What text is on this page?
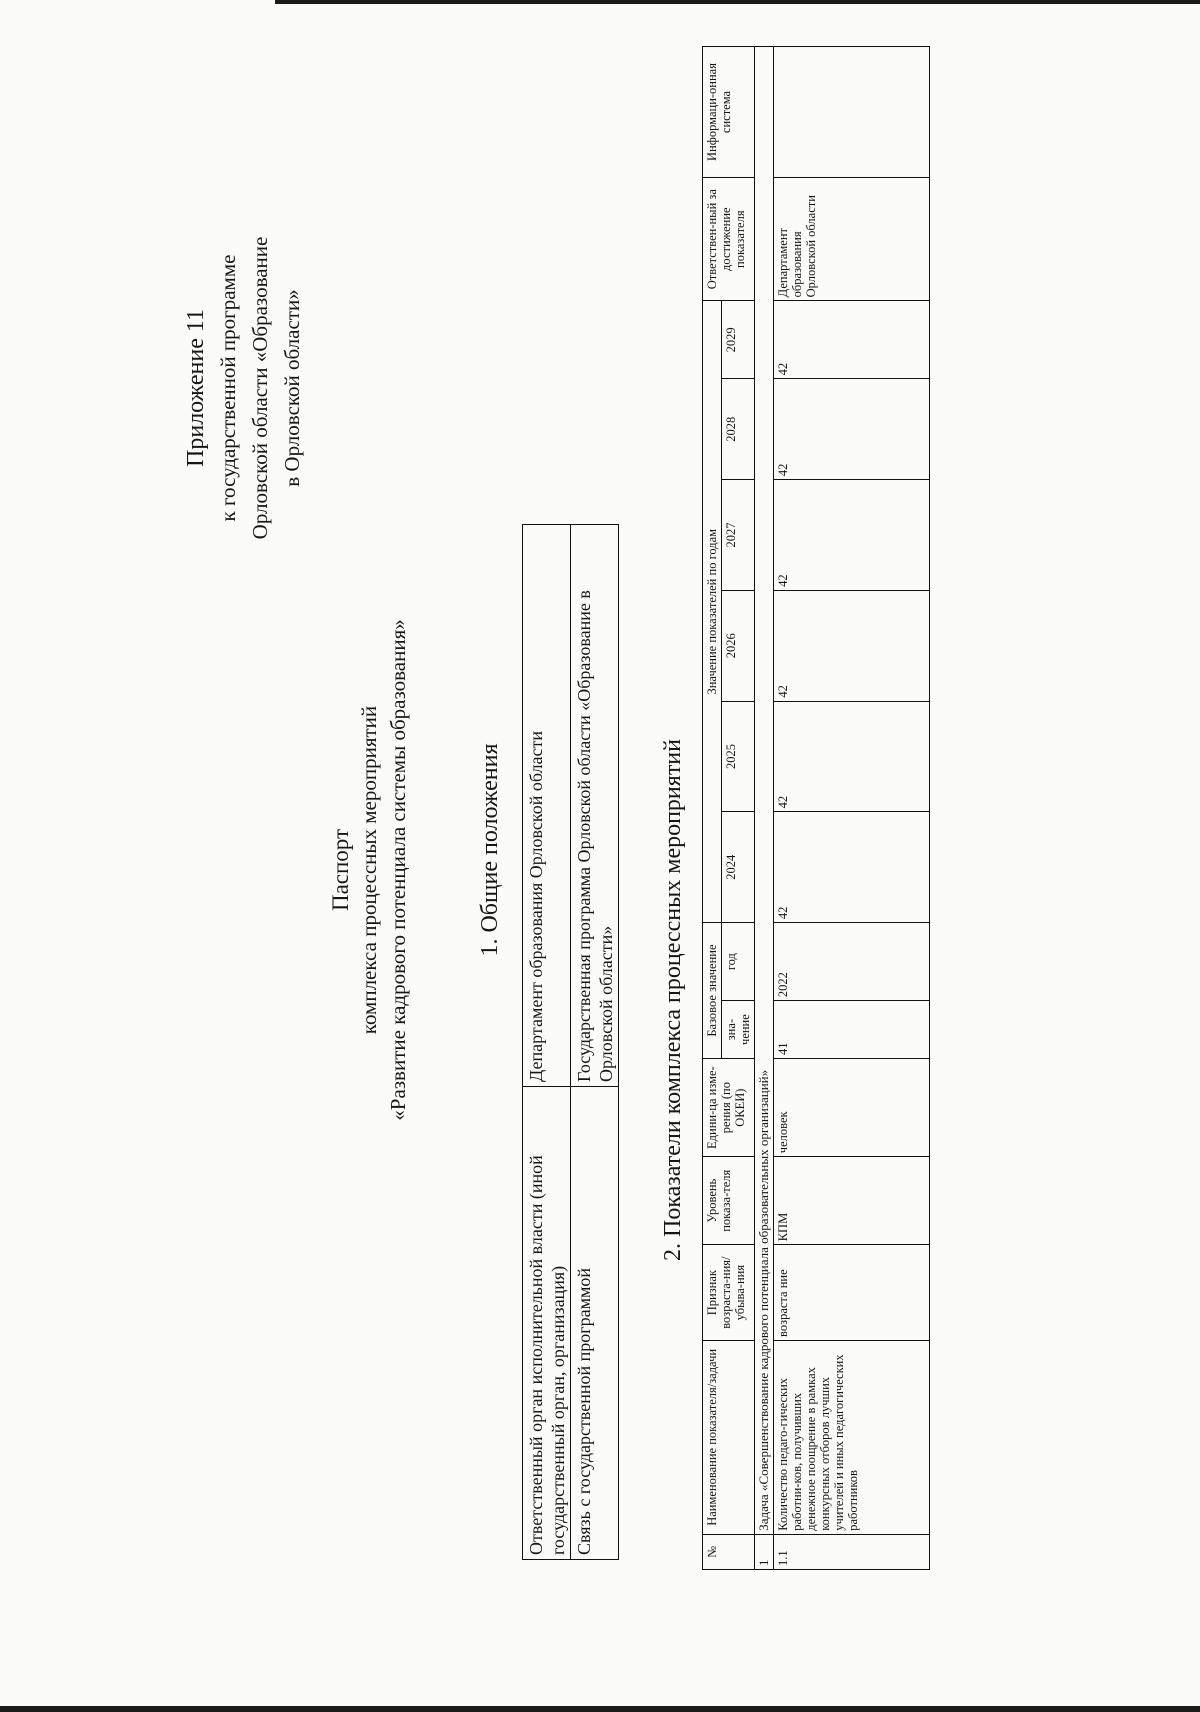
Приложение 11 к государственной программе Орловской области «Образование в Орловской области»
Паспорт комплекса процессных мероприятий «Развитие кадрового потенциала системы образования»	1. Общие положения
Ответственный орган исполнительной власти (иной государственный орган, организация)	Департамент образования Орловской области
Связь с государственной программой	Государственная программа Орловской области «Образование в Орловской области» 2. Показатели комплекса процессных мероприятий
№	Наименование показателя/задачи	Признак возраста-ния/ убыва-ния	Уровень показа-теля	Едини-ца изме-рения (по ОКЕИ)	Базовое значение		Значение показателей по годам						Ответствен-ный за достижение показателя	Информаци-онная система
					зна-чение	год	2024	2025	2026	2027	2028	2029		
1	Задача «Совершенствование кадрового потенциала образовательных организаций»													
1.1	Количество педаго-гических работни-ков, получивших денежное поощрение в рамках конкурсных отборов лучших учителей и иных педагогических работников	возраста ние	КПМ	человек	41	2022	42	42	42	42	42	42	Департамент образования Орловской области	
